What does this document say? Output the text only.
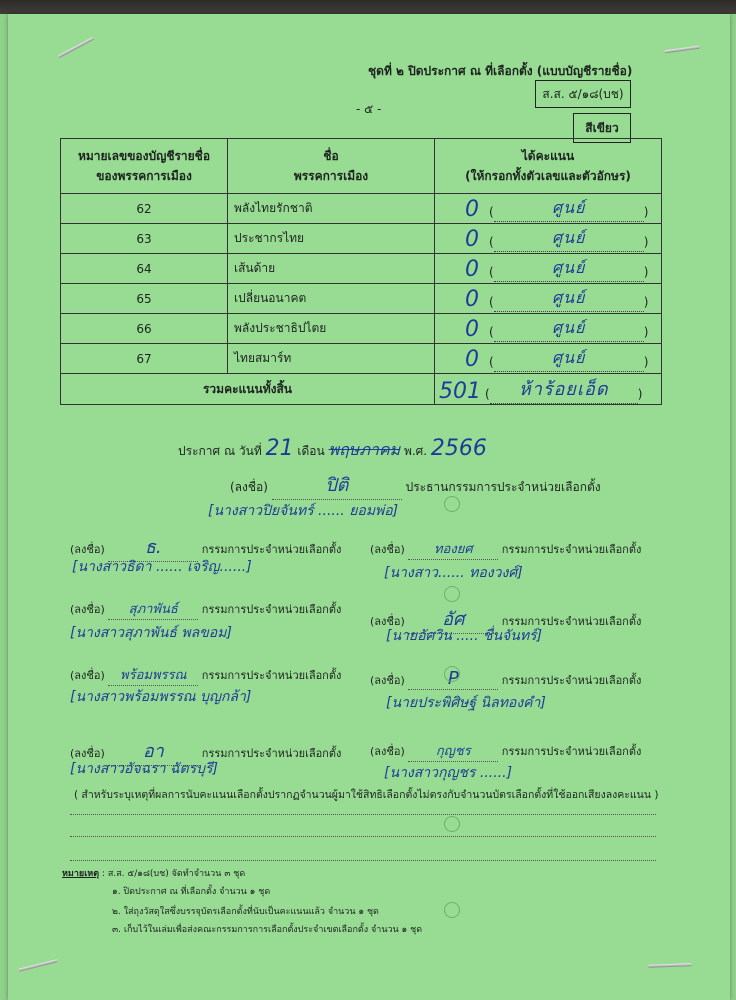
ชุดที่ ๒ ปิดประกาศ ณ ที่เลือกตั้ง (แบบบัญชีรายชื่อ)
- ๕ -
ส.ส. ๕/๑๘(บช)
สีเขียว
หมายเลขของบัญชีรายชื่อ
ของพรรคการเมือง	ชื่อ
พรรคการเมือง	ได้คะแนน
(ให้กรอกทั้งตัวเลขและตัวอักษร)
62	พลังไทยรักชาติ	0 ( ศูนย์ )
63	ประชากรไทย	0 ( ศูนย์ )
64	เส้นด้าย	0 ( ศูนย์ )
65	เปลี่ยนอนาคต	0 ( ศูนย์ )
66	พลังประชาธิปไตย	0 ( ศูนย์ )
67	ไทยสมาร์ท	0 ( ศูนย์ )
รวมคะแนนทั้งสิ้น		501 ( ห้าร้อยเอ็ด )
ประกาศ ณ วันที่ 21 เดือน พฤษภาคม พ.ศ. 2566
(ลงชื่อ)	ปิติ	ประธานกรรมการประจำหน่วยเลือกตั้ง
[นางสาวปิยจันทร์ ...... ยอมพ่อ]
(ลงชื่อ) ธ.	กรรมการประจำหน่วยเลือกตั้ง
[นางสาวธิดา ...... เจริญ......]
(ลงชื่อ) ทองยศ	กรรมการประจำหน่วยเลือกตั้ง
[นางสาว...... ทองวงศ์]
(ลงชื่อ) สุภาพันธ์ กรรมการประจำหน่วยเลือกตั้ง
[นางสาวสุภาพันธ์ พลขอม]
(ลงชื่อ) อัศ	กรรมการประจำหน่วยเลือกตั้ง
[นายอัศวิน ..... ชื่นจันทร์]
(ลงชื่อ) พร้อมพรรณ กรรมการประจำหน่วยเลือกตั้ง
[นางสาวพร้อมพรรณ บุญกล้า]
(ลงชื่อ) P	กรรมการประจำหน่วยเลือกตั้ง
[นายประพิศิษฐ์ นิลทองคำ]
(ลงชื่อ) อา	กรรมการประจำหน่วยเลือกตั้ง
[นางสาวอัจฉรา ฉัตรบุรี]
(ลงชื่อ) กุญชร	กรรมการประจำหน่วยเลือกตั้ง
[นางสาวกุญชร ......]
( สำหรับระบุเหตุที่ผลการนับคะแนนเลือกตั้งปรากฏจำนวนผู้มาใช้สิทธิเลือกตั้งไม่ตรงกับจำนวนบัตรเลือกตั้งที่ใช้ออกเสียงลงคะแนน )
หมายเหตุ : ส.ส. ๕/๑๘(บช) จัดทำจำนวน ๓ ชุด
๑. ปิดประกาศ ณ ที่เลือกตั้ง จำนวน ๑ ชุด
๒. ใส่ถุงวัสดุใสซึ่งบรรจุบัตรเลือกตั้งที่นับเป็นคะแนนแล้ว จำนวน ๑ ชุด
๓. เก็บไว้ในเล่มเพื่อส่งคณะกรรมการการเลือกตั้งประจำเขตเลือกตั้ง จำนวน ๑ ชุด
